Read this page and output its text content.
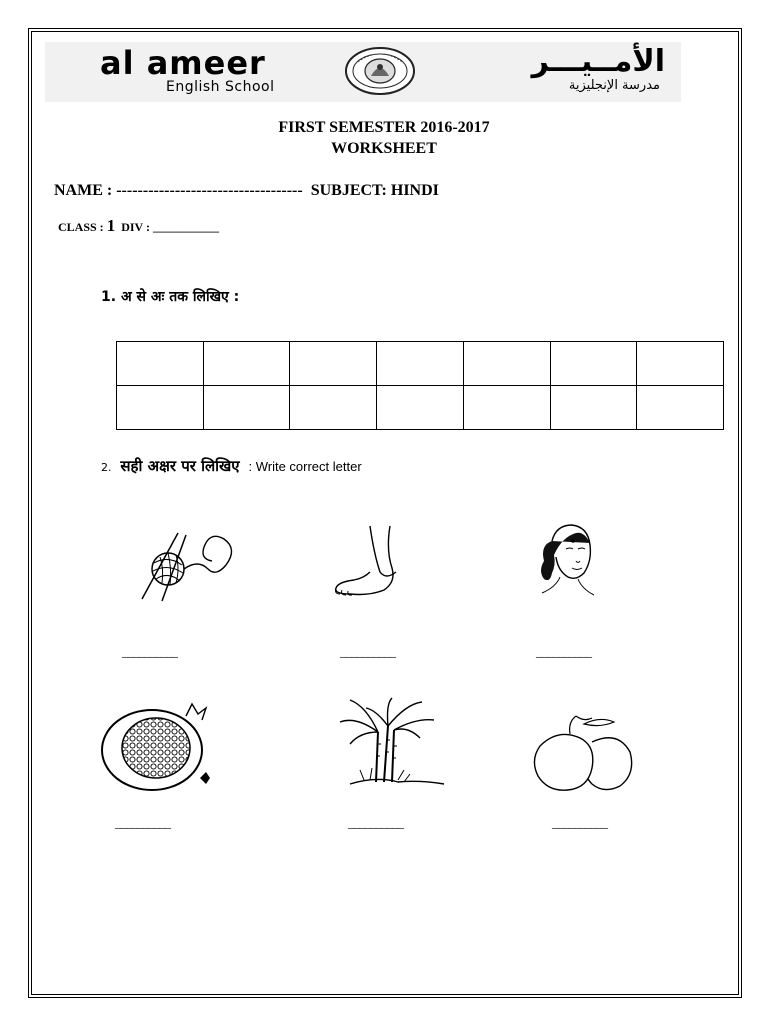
al ameer
English School
الأمــيـــر
مدرسة الإنجليزية
FIRST SEMESTER 2016-2017
WORKSHEET
NAME : ----------------------------------- SUBJECT: HINDI
CLASS : 1 DIV : ___________
1. अ से अः तक लिखिए :

2. सही अक्षर पर लिखिए : Write correct letter
__________	__________	__________
__________	__________	__________
